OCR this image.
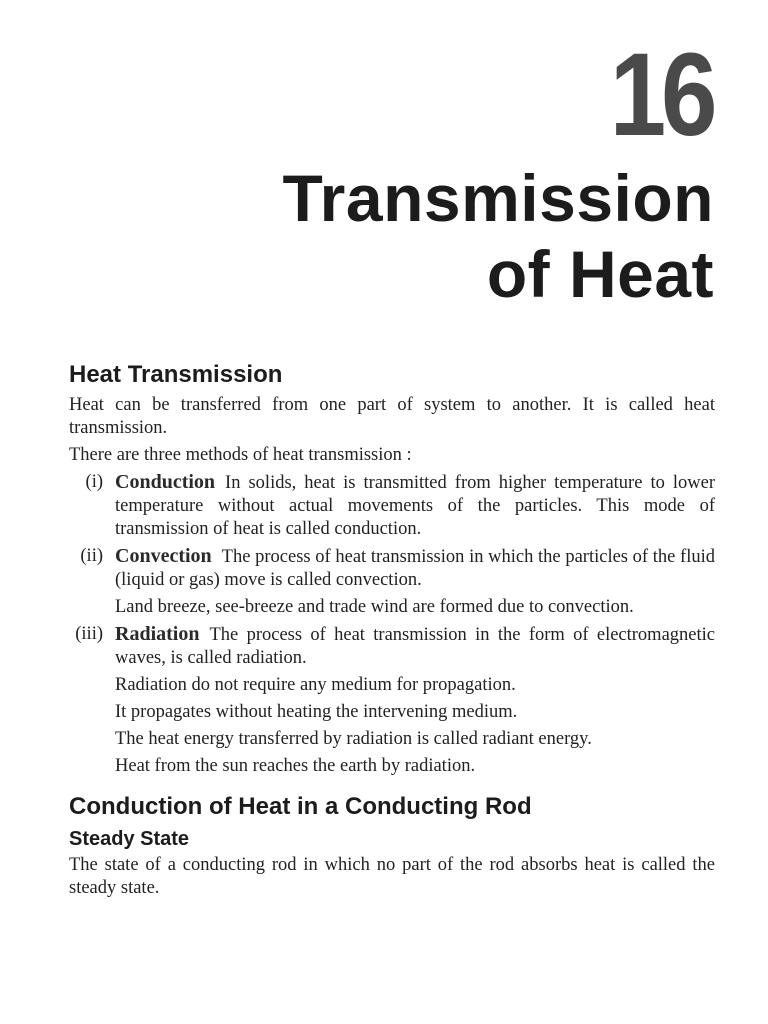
16
Transmission
of Heat
Heat Transmission

Heat can be transferred from one part of system to another. It is called heat transmission.

There are three methods of heat transmission :

(i) Conduction In solids, heat is transmitted from higher temperature to lower temperature without actual movements of the particles. This mode of transmission of heat is called conduction.

(ii) Convection The process of heat transmission in which the particles of the fluid (liquid or gas) move is called convection.

Land breeze, see-breeze and trade wind are formed due to convection.

(iii) Radiation The process of heat transmission in the form of electromagnetic waves, is called radiation.

Radiation do not require any medium for propagation.

It propagates without heating the intervening medium.

The heat energy transferred by radiation is called radiant energy.

Heat from the sun reaches the earth by radiation.

Conduction of Heat in a Conducting Rod
Steady State

The state of a conducting rod in which no part of the rod absorbs heat is called the steady state.
